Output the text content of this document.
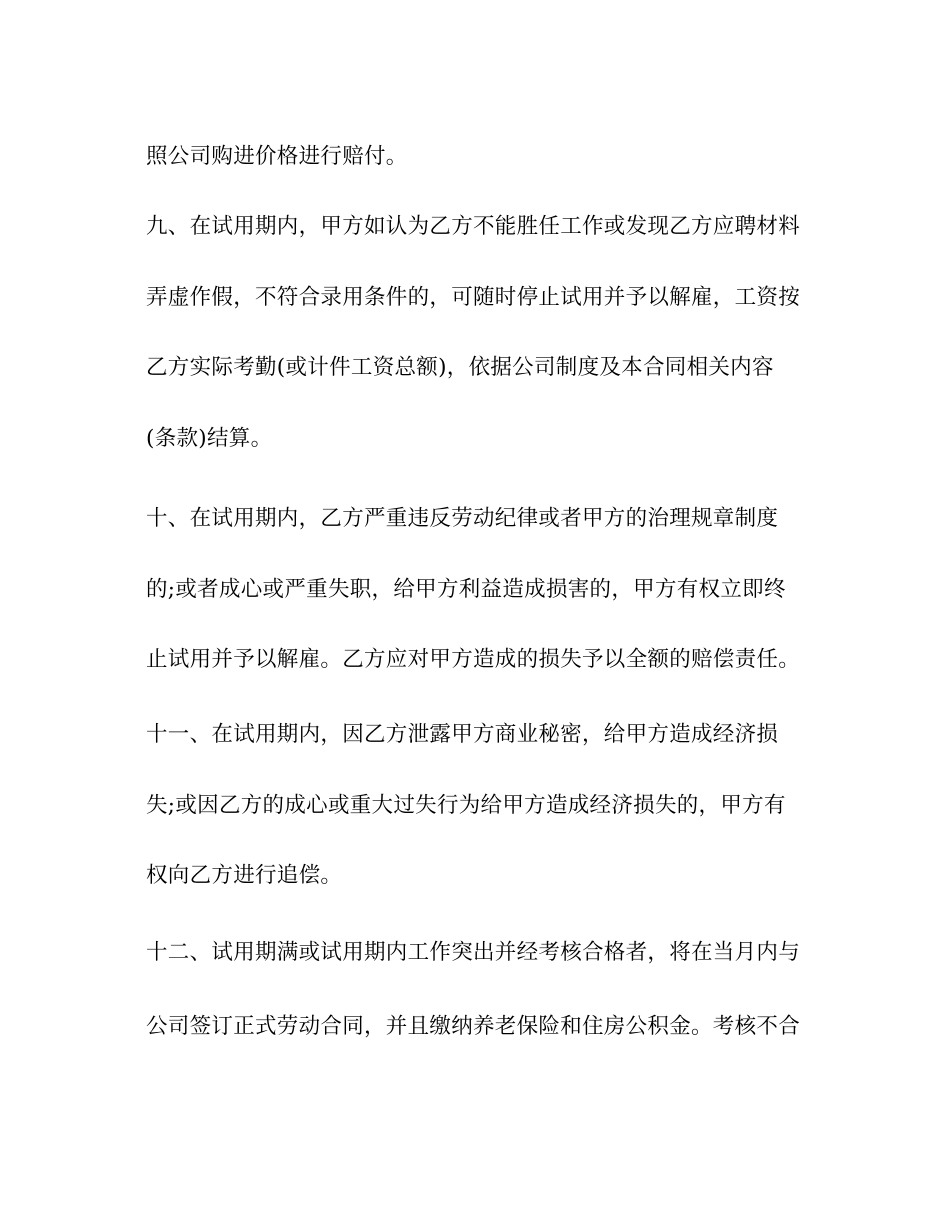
照公司购进价格进行赔付。
九、在试用期内，甲方如认为乙方不能胜任工作或发现乙方应聘材料
弄虚作假，不符合录用条件的，可随时停止试用并予以解雇，工资按
乙方实际考勤(或计件工资总额)，依据公司制度及本合同相关内容
(条款)结算。
十、在试用期内，乙方严重违反劳动纪律或者甲方的治理规章制度
的;或者成心或严重失职，给甲方利益造成损害的，甲方有权立即终
止试用并予以解雇。乙方应对甲方造成的损失予以全额的赔偿责任。
十一、在试用期内，因乙方泄露甲方商业秘密，给甲方造成经济损
失;或因乙方的成心或重大过失行为给甲方造成经济损失的，甲方有
权向乙方进行追偿。
十二、试用期满或试用期内工作突出并经考核合格者，将在当月内与
公司签订正式劳动合同，并且缴纳养老保险和住房公积金。考核不合
